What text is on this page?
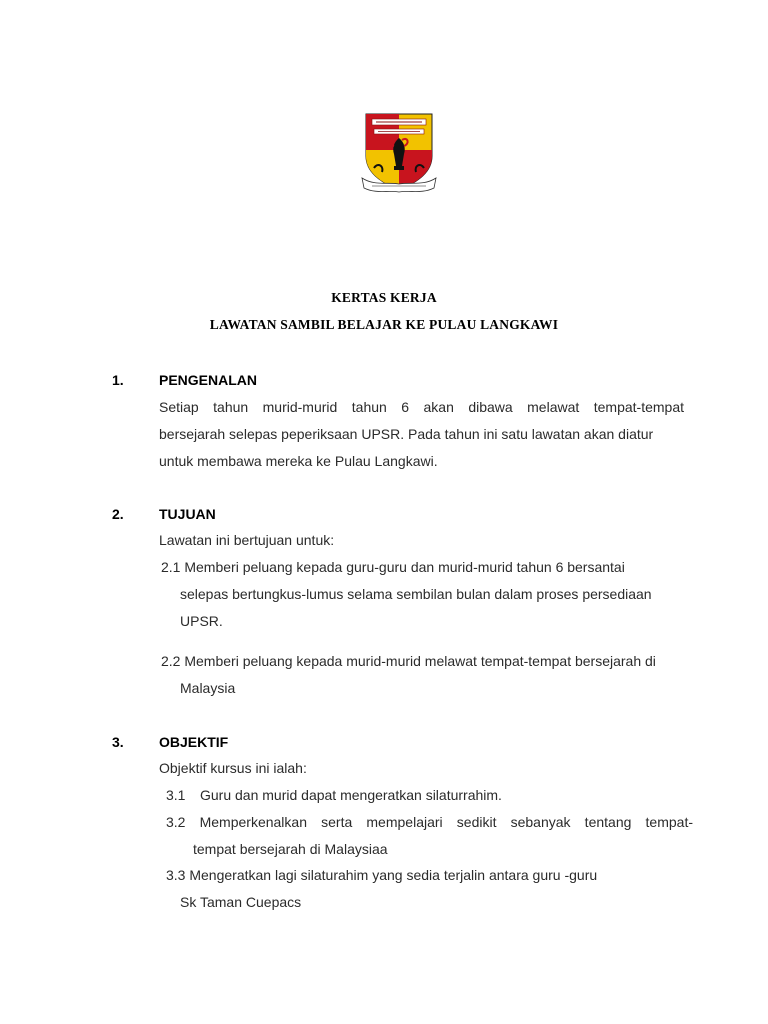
KERTAS KERJA
LAWATAN SAMBIL BELAJAR KE PULAU LANGKAWI
1.	PENGENALAN
Setiap tahun murid-murid tahun 6 akan dibawa melawat tempat-tempat
bersejarah selepas peperiksaan UPSR. Pada tahun ini satu lawatan akan diatur
untuk membawa mereka ke Pulau Langkawi.
2.	TUJUAN
Lawatan ini bertujuan untuk:
2.1 Memberi peluang kepada guru-guru dan murid-murid tahun 6 bersantai
selepas bertungkus-lumus selama sembilan bulan dalam proses persediaan
UPSR.
2.2 Memberi peluang kepada murid-murid melawat tempat-tempat bersejarah di
Malaysia
3.	OBJEKTIF
Objektif kursus ini ialah:
3.1 Guru dan murid dapat mengeratkan silaturrahim.
3.2 Memperkenalkan serta mempelajari sedikit sebanyak tentang tempat-
tempat bersejarah di Malaysiaa
3.3 Mengeratkan lagi silaturahim yang sedia terjalin antara guru -guru
Sk Taman Cuepacs
